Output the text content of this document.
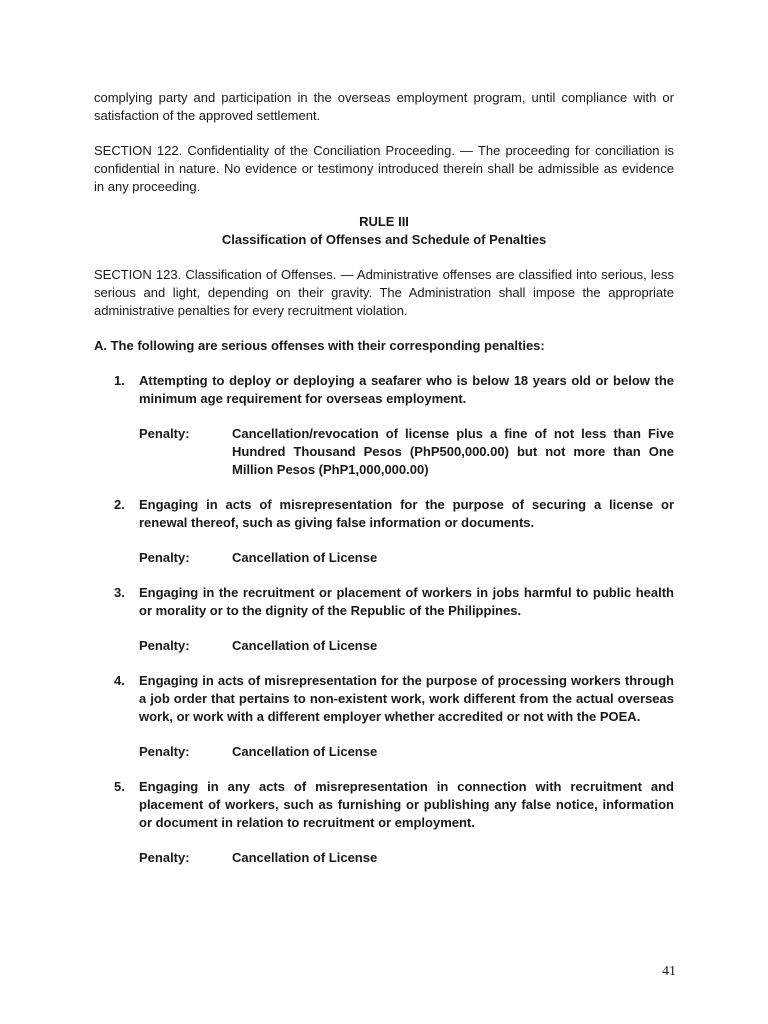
complying party and participation in the overseas employment program, until compliance with or satisfaction of the approved settlement.

SECTION 122. Confidentiality of the Conciliation Proceeding. — The proceeding for conciliation is confidential in nature. No evidence or testimony introduced therein shall be admissible as evidence in any proceeding.

RULE III
Classification of Offenses and Schedule of Penalties

SECTION 123. Classification of Offenses. — Administrative offenses are classified into serious, less serious and light, depending on their gravity. The Administration shall impose the appropriate administrative penalties for every recruitment violation.

A. The following are serious offenses with their corresponding penalties:

1. Attempting to deploy or deploying a seafarer who is below 18 years old or below the minimum age requirement for overseas employment.
Penalty:	Cancellation/revocation of license plus a fine of not less than Five Hundred Thousand Pesos (PhP500,000.00) but not more than One Million Pesos (PhP1,000,000.00)
2. Engaging in acts of misrepresentation for the purpose of securing a license or renewal thereof, such as giving false information or documents.
Penalty:	Cancellation of License
3. Engaging in the recruitment or placement of workers in jobs harmful to public health or morality or to the dignity of the Republic of the Philippines.
Penalty:	Cancellation of License
4. Engaging in acts of misrepresentation for the purpose of processing workers through a job order that pertains to non-existent work, work different from the actual overseas work, or work with a different employer whether accredited or not with the POEA.
Penalty:	Cancellation of License
5. Engaging in any acts of misrepresentation in connection with recruitment and placement of workers, such as furnishing or publishing any false notice, information or document in relation to recruitment or employment.
Penalty:	Cancellation of License
41
